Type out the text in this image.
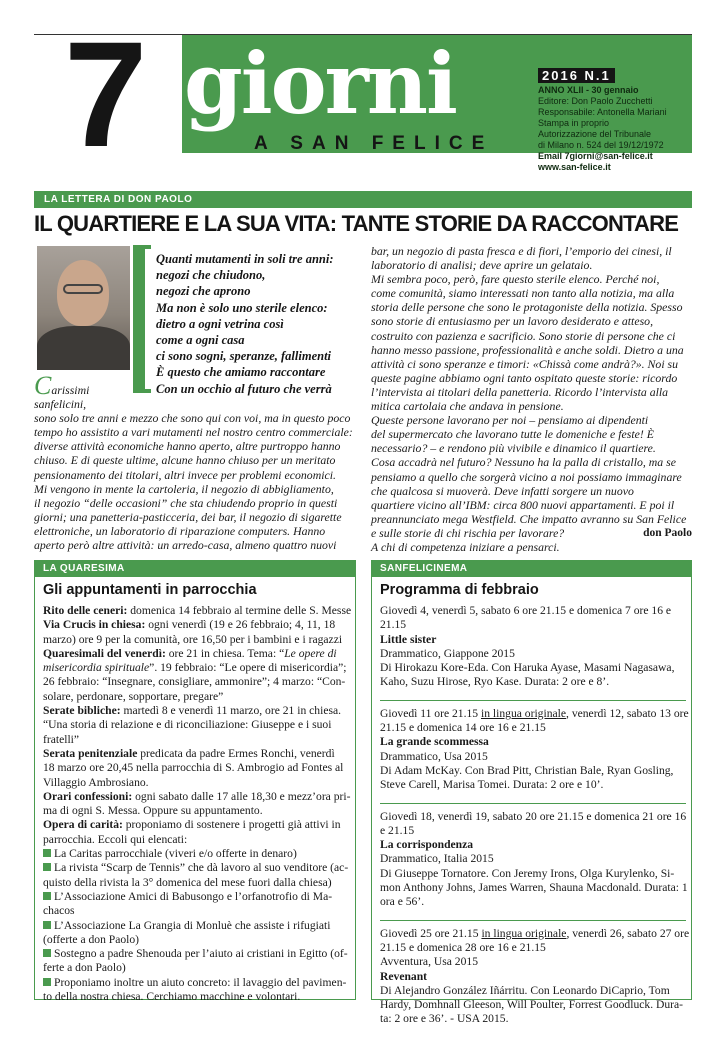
7 giorni
A SAN FELICE
2016 N.1
ANNO XLII - 30 gennaio
Editore: Don Paolo Zucchetti
Responsabile: Antonella Mariani
Stampa in proprio
Autorizzazione del Tribunale
di Milano n. 524 del 19/12/1972
Email 7giorni@san-felice.it
www.san-felice.it
LA LETTERA DI DON PAOLO
IL QUARTIERE E LA SUA VITA: TANTE STORIE DA RACCONTARE
Quanti mutamenti in soli tre anni:
negozi che chiudono,
negozi che aprono
Ma non è solo uno sterile elenco:
dietro a ogni vetrina così
come a ogni casa
ci sono sogni, speranze, fallimenti
È questo che amiamo raccontare
Con un occhio al futuro che verrà
Carissimi
sanfelicini,
sono solo tre anni e mezzo che sono qui con voi, ma in questo poco
tempo ho assistito a vari mutamenti nel nostro centro commerciale:
diverse attività economiche hanno aperto, altre purtroppo hanno
chiuso. E di queste ultime, alcune hanno chiuso per un meritato
pensionamento dei titolari, altri invece per problemi economici.
Mi vengono in mente la cartoleria, il negozio di abbigliamento,
il negozio “delle occasioni” che sta chiudendo proprio in questi
giorni; una panetteria-pasticceria, dei bar, il negozio di sigarette
elettroniche, un laboratorio di riparazione computers. Hanno
aperto però altre attività: un arredo-casa, almeno quattro nuovi
bar, un negozio di pasta fresca e di fiori, l’emporio dei cinesi, il
laboratorio di analisi; deve aprire un gelataio.
Mi sembra poco, però, fare questo sterile elenco. Perché noi,
come comunità, siamo interessati non tanto alla notizia, ma alla
storia delle persone che sono le protagoniste della notizia. Spesso
sono storie di entusiasmo per un lavoro desiderato e atteso,
costruito con pazienza e sacrificio. Sono storie di persone che ci
hanno messo passione, professionalità e anche soldi. Dietro a una
attività ci sono speranze e timori: «Chissà come andrà?». Noi su
queste pagine abbiamo ogni tanto ospitato queste storie: ricordo
l’intervista ai titolari della panetteria. Ricordo l’intervista alla
mitica cartolaia che andava in pensione.
Queste persone lavorano per noi – pensiamo ai dipendenti
del supermercato che lavorano tutte le domeniche e feste! È
necessario? – e rendono più vivibile e dinamico il quartiere.
Cosa accadrà nel futuro? Nessuno ha la palla di cristallo, ma se
pensiamo a quello che sorgerà vicino a noi possiamo immaginare
che qualcosa si muoverà. Deve infatti sorgere un nuovo
quartiere vicino all’IBM: circa 800 nuovi appartamenti. E poi il
preannunciato mega Westfield. Che impatto avranno su San Felice
e sulle storie di chi rischia per lavorare?
A chi di competenza iniziare a pensarci.
don Paolo
LA QUARESIMA
Gli appuntamenti in parrocchia
Rito delle ceneri: domenica 14 febbraio al termine delle S. Messe
Via Crucis in chiesa: ogni venerdì (19 e 26 febbraio; 4, 11, 18
marzo) ore 9 per la comunità, ore 16,50 per i bambini e i ragazzi
Quaresimali del venerdì: ore 21 in chiesa. Tema: “Le opere di
misericordia spirituale”. 19 febbraio: “Le opere di misericordia”;
26 febbraio: “Insegnare, consigliare, ammonire”; 4 marzo: “Con-
solare, perdonare, sopportare, pregare”
Serate bibliche: martedì 8 e venerdì 11 marzo, ore 21 in chiesa.
“Una storia di relazione e di riconciliazione: Giuseppe e i suoi
fratelli”
Serata penitenziale predicata da padre Ermes Ronchi, venerdì
18 marzo ore 20,45 nella parrocchia di S. Ambrogio ad Fontes al
Villaggio Ambrosiano.
Orari confessioni: ogni sabato dalle 17 alle 18,30 e mezz’ora pri-
ma di ogni S. Messa. Oppure su appuntamento.
Opera di carità: proponiamo di sostenere i progetti già attivi in
parrocchia. Eccoli qui elencati:
La Caritas parrocchiale (viveri e/o offerte in denaro)
La rivista “Scarp de Tennis” che dà lavoro al suo venditore (ac-
quisto della rivista la 3° domenica del mese fuori dalla chiesa)
L’Associazione Amici di Babusongo e l’orfanotrofio di Ma-
chacos
L’Associazione La Grangia di Monluè che assiste i rifugiati
(offerte a don Paolo)
Sostegno a padre Shenouda per l’aiuto ai cristiani in Egitto (of-
ferte a don Paolo)
Proponiamo inoltre un aiuto concreto: il lavaggio del pavimen-
to della nostra chiesa. Cerchiamo macchine e volontari.
SANFELICINEMA
Programma di febbraio
Giovedì 4, venerdì 5, sabato 6 ore 21.15 e domenica 7 ore 16 e
21.15
Little sister
Drammatico, Giappone 2015
Di Hirokazu Kore-Eda. Con Haruka Ayase, Masami Nagasawa,
Kaho, Suzu Hirose, Ryo Kase. Durata: 2 ore e 8’.
Giovedì 11 ore 21.15 in lingua originale, venerdì 12, sabato 13 ore
21.15 e domenica 14 ore 16 e 21.15
La grande scommessa
Drammatico, Usa 2015
Di Adam McKay. Con Brad Pitt, Christian Bale, Ryan Gosling,
Steve Carell, Marisa Tomei. Durata: 2 ore e 10’.
Giovedì 18, venerdì 19, sabato 20 ore 21.15 e domenica 21 ore 16
e 21.15
La corrispondenza
Drammatico, Italia 2015
Di Giuseppe Tornatore. Con Jeremy Irons, Olga Kurylenko, Si-
mon Anthony Johns, James Warren, Shauna Macdonald. Durata: 1
ora e 56’.
Giovedì 25 ore 21.15 in lingua originale, venerdì 26, sabato 27 ore
21.15 e domenica 28 ore 16 e 21.15
Avventura, Usa 2015
Revenant
Di Alejandro González Iñárritu. Con Leonardo DiCaprio, Tom
Hardy, Domhnall Gleeson, Will Poulter, Forrest Goodluck. Dura-
ta: 2 ore e 36’. - USA 2015.
